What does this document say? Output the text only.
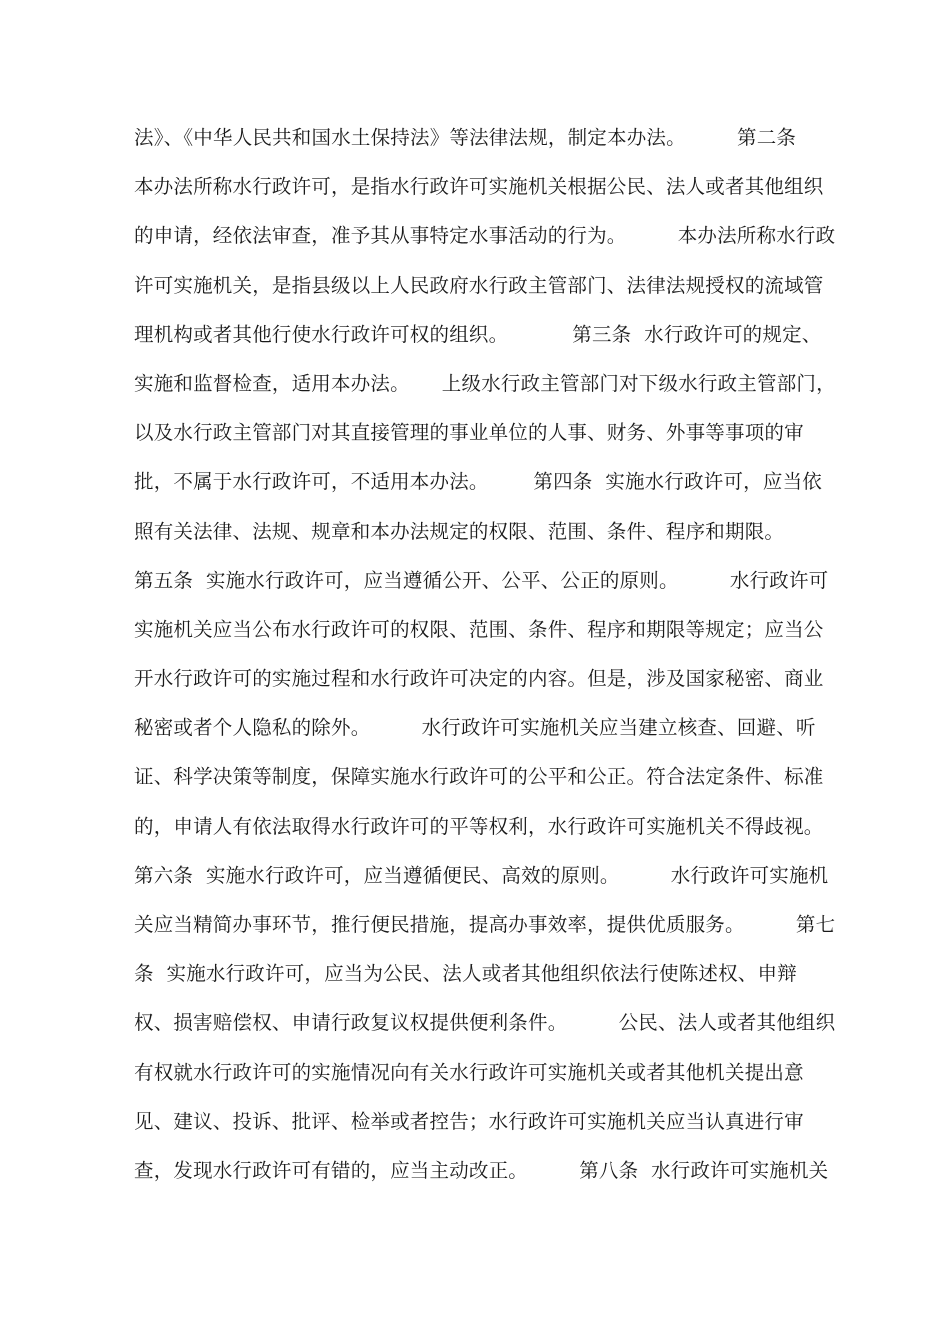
法》、《中华人民共和国水土保持法》等法律法规，制定本办法。        第二条
本办法所称水行政许可，是指水行政许可实施机关根据公民、法人或者其他组织
的申请，经依法审查，准予其从事特定水事活动的行为。        本办法所称水行政
许可实施机关，是指县级以上人民政府水行政主管部门、法律法规授权的流域管
理机构或者其他行使水行政许可权的组织。          第三条  水行政许可的规定、
实施和监督检查，适用本办法。     上级水行政主管部门对下级水行政主管部门，
以及水行政主管部门对其直接管理的事业单位的人事、财务、外事等事项的审
批，不属于水行政许可，不适用本办法。       第四条  实施水行政许可，应当依
照有关法律、法规、规章和本办法规定的权限、范围、条件、程序和期限。
第五条  实施水行政许可，应当遵循公开、公平、公正的原则。        水行政许可
实施机关应当公布水行政许可的权限、范围、条件、程序和期限等规定；应当公
开水行政许可的实施过程和水行政许可决定的内容。但是，涉及国家秘密、商业
秘密或者个人隐私的除外。        水行政许可实施机关应当建立核查、回避、听
证、科学决策等制度，保障实施水行政许可的公平和公正。符合法定条件、标准
的，申请人有依法取得水行政许可的平等权利，水行政许可实施机关不得歧视。
第六条  实施水行政许可，应当遵循便民、高效的原则。        水行政许可实施机
关应当精简办事环节，推行便民措施，提高办事效率，提供优质服务。        第七
条  实施水行政许可，应当为公民、法人或者其他组织依法行使陈述权、申辩
权、损害赔偿权、申请行政复议权提供便利条件。        公民、法人或者其他组织
有权就水行政许可的实施情况向有关水行政许可实施机关或者其他机关提出意
见、建议、投诉、批评、检举或者控告；水行政许可实施机关应当认真进行审
查，发现水行政许可有错的，应当主动改正。        第八条  水行政许可实施机关
